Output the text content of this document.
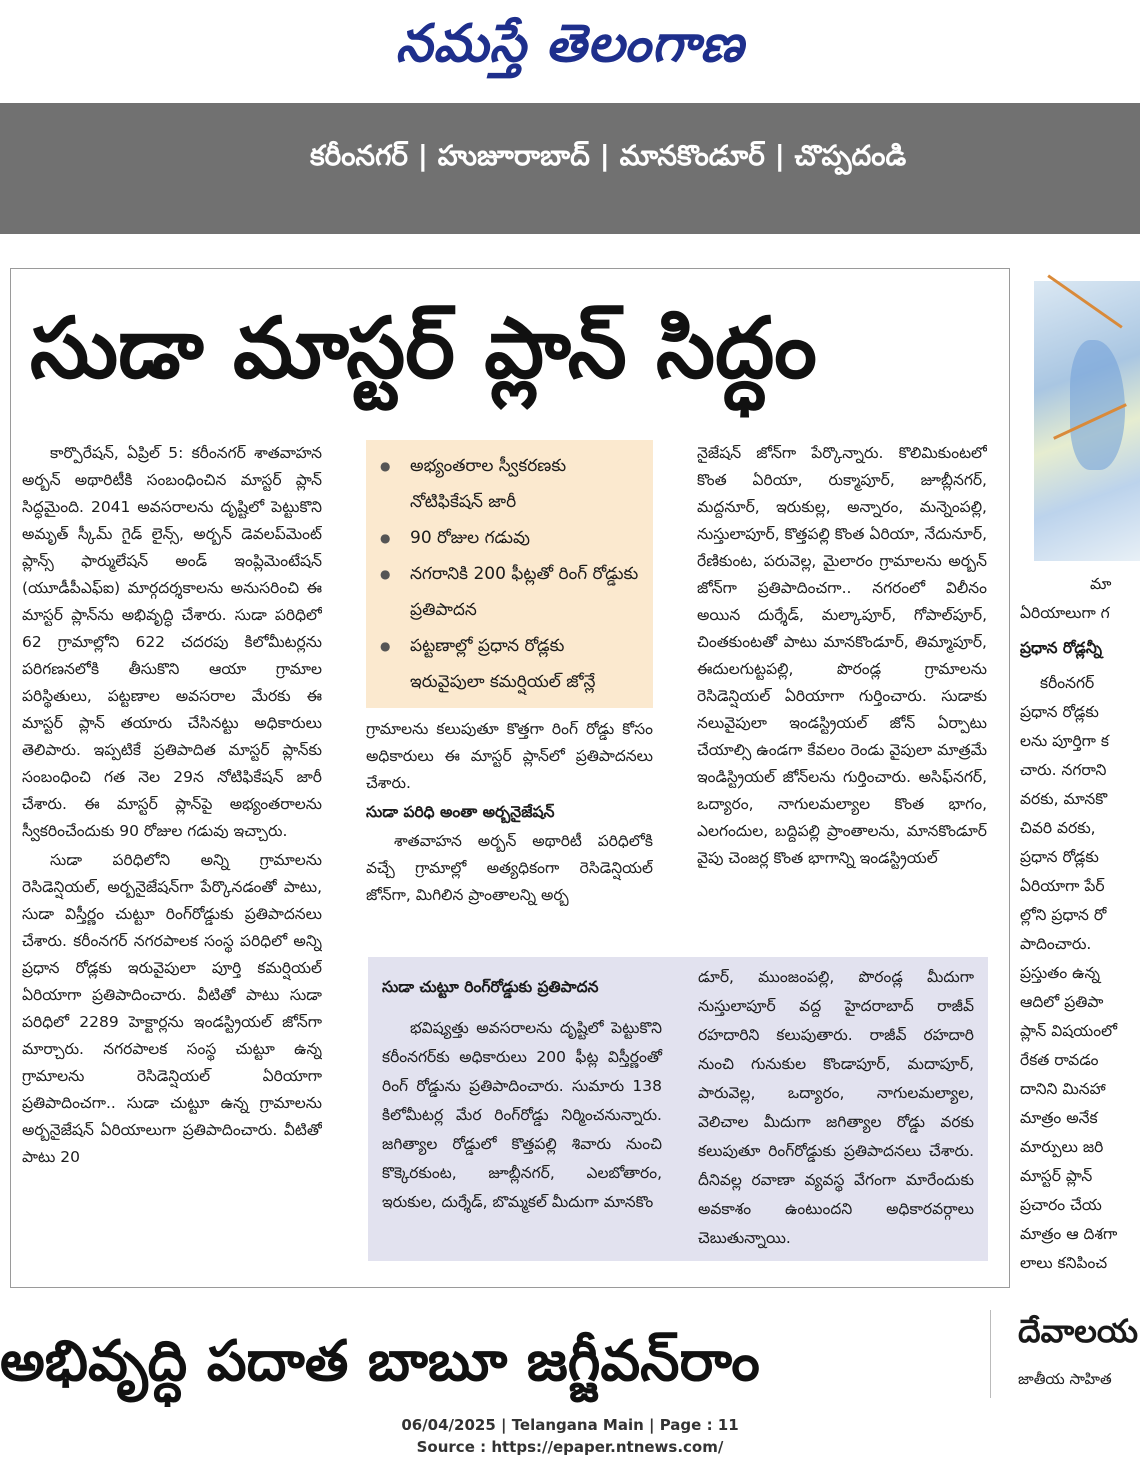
నమస్తే తెలంగాణ
కరీంనగర్ | హుజూరాబాద్ | మానకొండూర్ | చొప్పదండి
సుడా మాస్టర్ ప్లాన్ సిద్ధం

కార్పొరేషన్, ఏప్రిల్ 5: కరీంనగర్ శాతవాహన అర్బన్ అథారిటీకి సంబంధించిన మాస్టర్ ప్లాన్ సిద్ధమైంది. 2041 అవసరాలను దృష్టిలో పెట్టుకొని అమృత్ స్కీమ్ గైడ్ లైన్స్, అర్బన్ డెవలప్‌మెంట్ ప్లాన్స్ ఫార్ములేషన్ అండ్ ఇంప్లిమెంటేషన్ (యూడీపీఎఫ్ఐ) మార్గదర్శకాలను అనుసరించి ఈ మాస్టర్ ప్లాన్‌ను అభివృద్ధి చేశారు. సుడా పరిధిలో 62 గ్రామాల్లోని 622 చదరపు కిలోమీటర్లను పరిగణనలోకి తీసుకొని ఆయా గ్రామాల పరిస్థితులు, పట్టణాల అవసరాల మేరకు ఈ మాస్టర్ ప్లాన్ తయారు చేసినట్టు అధికారులు తెలిపారు. ఇప్పటికే ప్రతిపాదిత మాస్టర్ ప్లాన్‌కు సంబంధించి గత నెల 29న నోటిఫికేషన్ జారీ చేశారు. ఈ మాస్టర్ ప్లాన్‌పై అభ్యంతరాలను స్వీకరించేందుకు 90 రోజుల గడువు ఇచ్చారు.

సుడా పరిధిలోని అన్ని గ్రామాలను రెసిడెన్షియల్, అర్బనైజేషన్‌గా పేర్కొనడంతో పాటు, సుడా విస్తీర్ణం చుట్టూ రింగ్‌రోడ్డుకు ప్రతిపాదనలు చేశారు. కరీంనగర్ నగరపాలక సంస్థ పరిధిలో అన్ని ప్రధాన రోడ్లకు ఇరువైపులా పూర్తి కమర్షియల్ ఏరియాగా ప్రతిపాదించారు. వీటితో పాటు సుడా పరిధిలో 2289 హెక్టార్లను ఇండస్ట్రియల్ జోన్‌గా మార్చారు. నగరపాలక సంస్థ చుట్టూ ఉన్న గ్రామాలను రెసిడెన్షియల్ ఏరియాగా ప్రతిపాదించగా.. సుడా చుట్టూ ఉన్న గ్రామాలను అర్బనైజేషన్ ఏరియాలుగా ప్రతిపాదించారు. వీటితో పాటు 20

● అభ్యంతరాల స్వీకరణకు నోటిఫికేషన్ జారీ
● 90 రోజుల గడువు
● నగరానికి 200 ఫీట్లతో రింగ్ రోడ్డుకు ప్రతిపాదన
● పట్టణాల్లో ప్రధాన రోడ్లకు ఇరువైపులా కమర్షియల్ జోన్లే

గ్రామాలను కలుపుతూ కొత్తగా రింగ్ రోడ్డు కోసం అధికారులు ఈ మాస్టర్ ప్లాన్‌లో ప్రతిపాదనలు చేశారు.

సుడా పరిధి అంతా అర్బనైజేషన్

శాతవాహన అర్బన్ అథారిటీ పరిధిలోకి వచ్చే గ్రామాల్లో అత్యధికంగా రెసిడెన్షియల్ జోన్‌గా, మిగిలిన ప్రాంతాలన్ని అర్బ

నైజేషన్ జోన్‌గా పేర్కొన్నారు. కొలిమికుంటలో కొంత ఏరియా, రుక్మాపూర్, జూబ్లీనగర్, మద్దనూర్, ఇరుకుల్ల, అన్నారం, మన్నెంపల్లి, నుస్తులాపూర్, కొత్తపల్లి కొంత ఏరియా, నేదునూర్, రేణికుంట, పరువెల్ల, మైలారం గ్రామాలను అర్బన్ జోన్‌గా ప్రతిపాదించగా.. నగరంలో విలీనం అయిన దుర్శేడ్, మల్కాపూర్, గోపాల్‌పూర్, చింతకుంటతో పాటు మానకొండూర్, తిమ్మాపూర్, ఈదులగుట్టపల్లి, పొరండ్ల గ్రామాలను రెసిడెన్షియల్ ఏరియాగా గుర్తించారు. సుడాకు నలువైపులా ఇండస్ట్రియల్ జోన్ ఏర్పాటు చేయాల్సి ఉండగా కేవలం రెండు వైపులా మాత్రమే ఇండిస్ట్రియల్ జోన్‌లను గుర్తించారు. అసిఫ్‌నగర్, ఒద్యారం, నాగులమల్యాల కొంత భాగం, ఎలగందుల, బద్దిపల్లి ప్రాంతాలను, మానకొండూర్ వైపు చెంజర్ల కొంత భాగాన్ని ఇండస్ట్రియల్

సుడా చుట్టూ రింగ్‌రోడ్డుకు ప్రతిపాదన
భవిష్యత్తు అవసరాలను దృష్టిలో పెట్టుకొని కరీంనగర్‌కు అధికారులు 200 ఫీట్ల విస్తీర్ణంతో రింగ్ రోడ్డును ప్రతిపాదించారు. సుమారు 138 కిలోమీటర్ల మేర రింగ్‌రోడ్డు నిర్మించనున్నారు. జగిత్యాల రోడ్డులో కొత్తపల్లి శివారు నుంచి కొక్కెరకుంట, జూబ్లీనగర్, ఎలబోతారం, ఇరుకుల, దుర్శేడ్, బొమ్మకల్ మీదుగా మానకొం
డూర్, ముంజంపల్లి, పొరండ్ల మీదుగా నుస్తులాపూర్ వద్ద హైదరాబాద్ రాజీవ్ రహదారిని కలుపుతారు. రాజీవ్ రహదారి నుంచి గునుకుల కొండాపూర్, మదాపూర్, పారువెల్ల, ఒద్యారం, నాగులమల్యాల, వెలిచాల మీదుగా జగిత్యాల రోడ్డు వరకు కలుపుతూ రింగ్‌రోడ్డుకు ప్రతిపాదనలు చేశారు. దీనివల్ల రవాణా వ్యవస్థ వేగంగా మారేందుకు అవకాశం ఉంటుందని అధికారవర్గాలు చెబుతున్నాయి.
మా
ఏరియాలుగా గ
ప్రధాన రోడ్లన్నీ
కరీంనగర్
ప్రధాన రోడ్లకు
లను పూర్తిగా క
చారు. నగరాని
వరకు, మానకొ
చివరి వరకు,
ప్రధాన రోడ్లకు
ఏరియాగా పేర్
ల్లోని ప్రధాన రో
పాదించారు.
ప్రస్తుతం ఉన్న
ఆదిలో ప్రతిపా
ప్లాన్ విషయంలో
రేకత రావడం
దానిని మినహా
మాత్రం అనేక
మార్పులు జరి
మాస్టర్ ప్లాన్
ప్రచారం చేయ
మాత్రం ఆ దిశగా
లాలు కనిపించ
అభివృద్ధి పదాత బాబూ జగ్జీవన్‌రాం	దేవాలయ
జాతీయ సాహిత
06/04/2025 | Telangana Main | Page : 11
Source : https://epaper.ntnews.com/
